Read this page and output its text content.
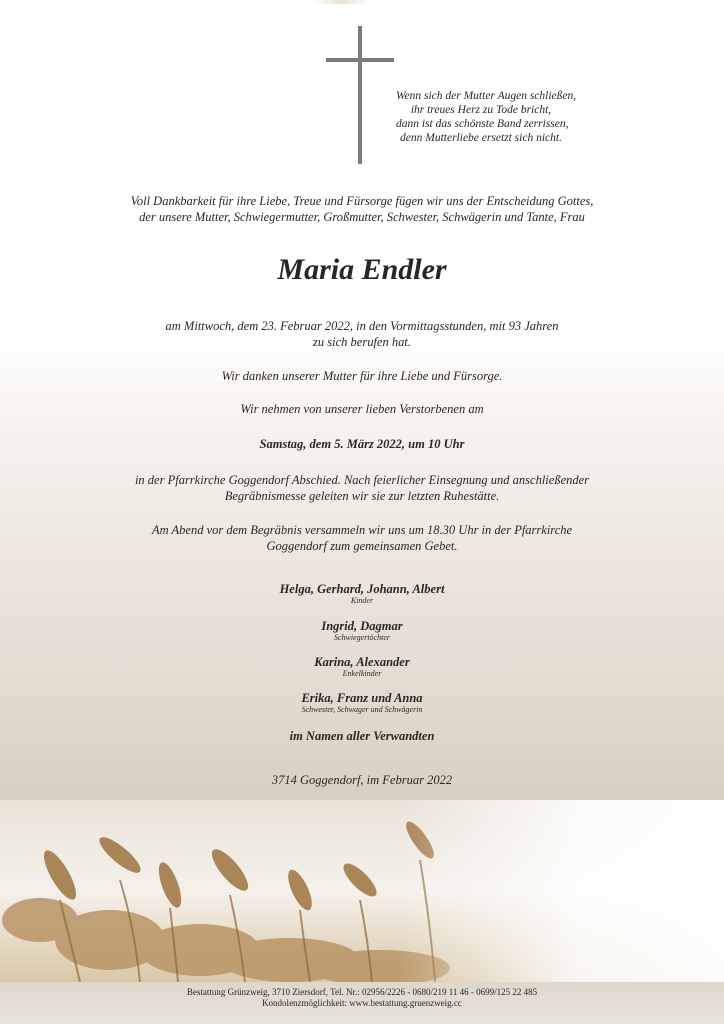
Wenn sich der Mutter Augen schließen,
ihr treues Herz zu Tode bricht,
dann ist das schönste Band zerrissen,
denn Mutterliebe ersetzt sich nicht.
Voll Dankbarkeit für ihre Liebe, Treue und Fürsorge fügen wir uns der Entscheidung Gottes,
der unsere Mutter, Schwiegermutter, Großmutter, Schwester, Schwägerin und Tante, Frau
Maria Endler
am Mittwoch, dem 23. Februar 2022, in den Vormittagsstunden, mit 93 Jahren
zu sich berufen hat.
Wir danken unserer Mutter für ihre Liebe und Fürsorge.
Wir nehmen von unserer lieben Verstorbenen am
Samstag, dem 5. März 2022, um 10 Uhr
in der Pfarrkirche Goggendorf Abschied. Nach feierlicher Einsegnung und anschließender
Begräbnismesse geleiten wir sie zur letzten Ruhestätte.
Am Abend vor dem Begräbnis versammeln wir uns um 18.30 Uhr in der Pfarrkirche
Goggendorf zum gemeinsamen Gebet.
Helga, Gerhard, Johann, Albert
Kinder
Ingrid, Dagmar
Schwiegertöchter
Karina, Alexander
Enkelkinder
Erika, Franz und Anna
Schwester, Schwager und Schwägerin
im Namen aller Verwandten
3714 Goggendorf, im Februar 2022
Bestattung Grünzweig, 3710 Ziersdorf, Tel. Nr.: 02956/2226 - 0680/219 11 46 - 0699/125 22 485
Kondolenzmöglichkeit: www.bestattung.gruenzweig.cc
